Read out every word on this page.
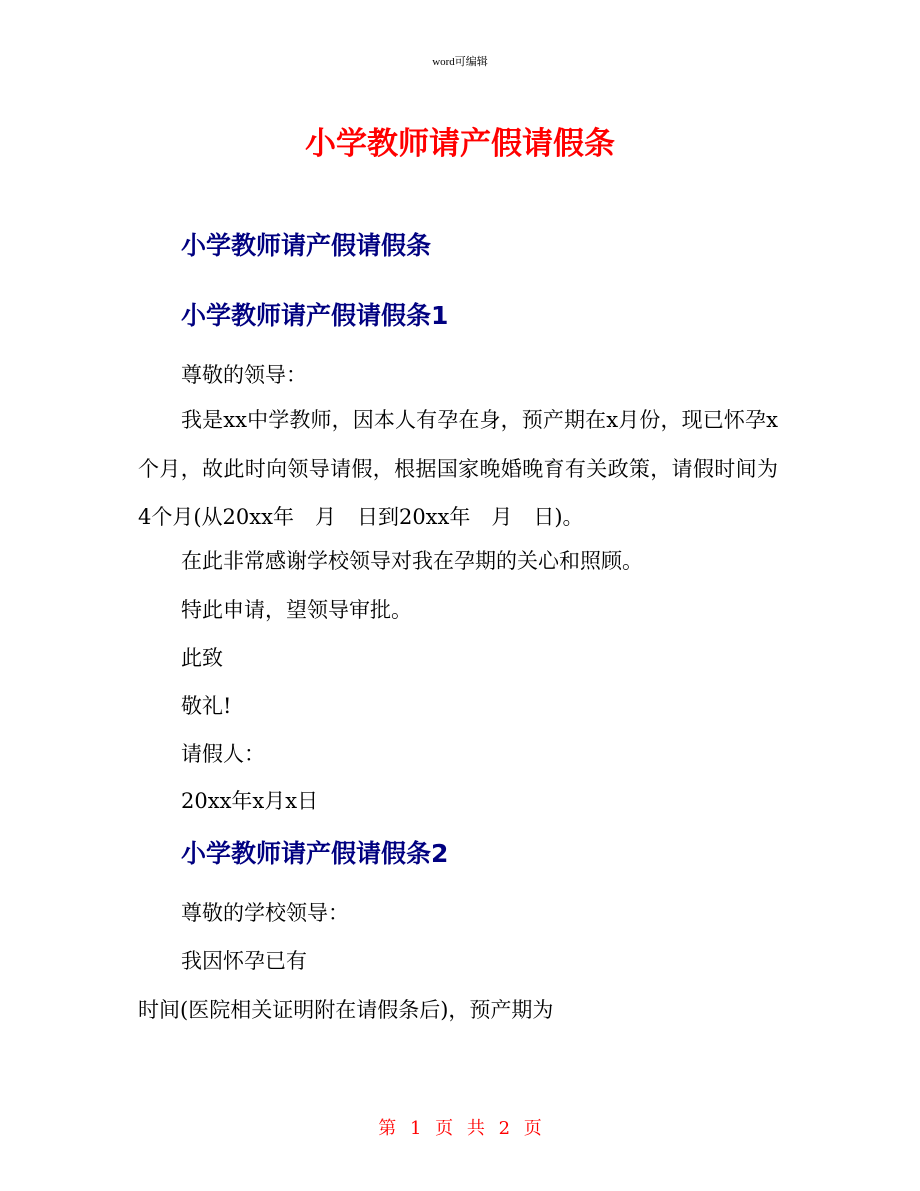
word可编辑
小学教师请产假请假条
小学教师请产假请假条
小学教师请产假请假条1

尊敬的领导：

我是xx中学教师，因本人有孕在身，预产期在x月份，现已怀孕x个月，故此时向领导请假，根据国家晚婚晚育有关政策，请假时间为4个月(从20xx年　月　日到20xx年　月　日)。

在此非常感谢学校领导对我在孕期的关心和照顾。

特此申请，望领导审批。

此致

敬礼!

请假人：

20xx年x月x日

小学教师请产假请假条2

尊敬的学校领导：

我因怀孕已有

时间(医院相关证明附在请假条后)，预产期为

第 1 页 共 2 页
